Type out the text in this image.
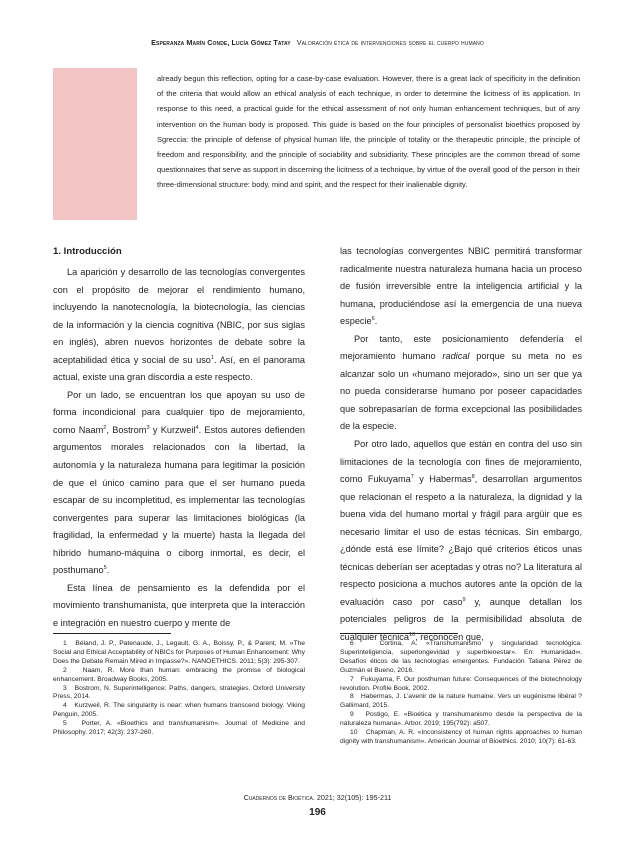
Esperanza Marín Conde, Lucía Gómez Tatay Valoración ética de intervenciones sobre el cuerpo humano
already begun this reflection, opting for a case-by-case evaluation. However, there is a great lack of specificity in the definition of the criteria that would allow an ethical analysis of each technique, in order to determine the licitness of its application. In response to this need, a practical guide for the ethical assessment of not only human enhancement techniques, but of any intervention on the human body is proposed. This guide is based on the four principles of personalist bioethics proposed by Sgreccia: the principle of defense of physical human life, the principle of totality or the therapeutic principle, the principle of freedom and responsibility, and the principle of sociability and subsidiarity. These principles are the common thread of some questionnaires that serve as support in discerning the licitness of a technique, by virtue of the overall good of the person in their three-dimensional structure: body, mind and spirit, and the respect for their inalienable dignity.
1. Introducción

La aparición y desarrollo de las tecnologías convergentes con el propósito de mejorar el rendimiento humano, incluyendo la nanotecnología, la biotecnología, las ciencias de la información y la ciencia cognitiva (NBIC, por sus siglas en inglés), abren nuevos horizontes de debate sobre la aceptabilidad ética y social de su uso$^1$. Así, en el panorama actual, existe una gran discordia a este respecto.

Por un lado, se encuentran los que apoyan su uso de forma incondicional para cualquier tipo de mejoramiento, como Naam$^2$, Bostrom$^3$ y Kurzweil$^4$. Estos autores defienden argumentos morales relacionados con la libertad, la autonomía y la naturaleza humana para legitimar la posición de que el único camino para que el ser humano pueda escapar de su incompletitud, es implementar las tecnologías convergentes para superar las limitaciones biológicas (la fragilidad, la enfermedad y la muerte) hasta la llegada del híbrido humano-máquina o ciborg inmortal, es decir, el posthumano$^5$.

Esta línea de pensamiento es la defendida por el movimiento transhumanista, que interpreta que la interacción e integración en nuestro cuerpo y mente de

las tecnologías convergentes NBIC permitirá transformar radicalmente nuestra naturaleza humana hacia un proceso de fusión irreversible entre la inteligencia artificial y la humana, produciéndose así la emergencia de una nueva especie$^6$.

Por tanto, este posicionamiento defendería el mejoramiento humano radical porque su meta no es alcanzar solo un «humano mejorado», sino un ser que ya no pueda considerarse humano por poseer capacidades que sobrepasarían de forma excepcional las posibilidades de la especie.

Por otro lado, aquellos que están en contra del uso sin limitaciones de la tecnología con fines de mejoramiento, como Fukuyama$^7$ y Habermas$^8$, desarrollan argumentos que relacionan el respeto a la naturaleza, la dignidad y la buena vida del humano mortal y frágil para argüir que es necesario limitar el uso de estas técnicas. Sin embargo, ¿dónde está ese límite? ¿Bajo qué criterios éticos unas técnicas deberían ser aceptadas y otras no? La literatura al respecto posiciona a muchos autores ante la opción de la evaluación caso por caso$^9$ y, aunque detallan los potenciales peligros de la permisibilidad absoluta de cualquier técnica$^{10}$, reconocen que,

1 Béland, J. P., Patenaude, J., Legault, G. A., Boissy, P., & Parent, M. «The Social and Ethical Acceptability of NBICs for Purposes of Human Enhancement: Why Does the Debate Remain Mired in Impasse?». NANOETHICS. 2011; 5(3): 295-307.

2 Naam, R. More than human: embracing the promise of biological enhancement. Broadway Books, 2005.

3 Bostrom, N. Superintelligence: Paths, dangers, strategies. Oxford University Press, 2014.

4 Kurzweil, R. The singularity is near: when humans transcend biology. Viking Penguin, 2005.

5 Porter, A. «Bioethics and transhumanism». Journal of Medicine and Philosophy. 2017; 42(3): 237-260.

6	Cortina, A. «Transhumanismo y singularidad tecnológica. Superinteligencia, superlongevidad y superbienestar». En: Humanidad∞. Desafíos éticos de las tecnologías emergentes. Fundación Tatiana Pérez de Guzmán el Bueno, 2016.

7 Fukuyama, F. Our posthuman future: Consequences of the biotechnology revolution. Profile Book, 2002.

8 Habermas, J. L’avenir de la nature humaine. Vers un eugénisme libéral ? Gallimard, 2015.

9 Postigo, E. «Bioética y transhumanismo desde la perspectiva de la naturaleza humana». Arbor. 2019; 195(792): a507.

10 Chapman, A. R. «Inconsistency of human rights approaches to human dignity with transhumanism». American Journal of Bioethics. 2010; 10(7): 61-63.

Cuadernos de Bioética. 2021; 32(105): 195-211
196
